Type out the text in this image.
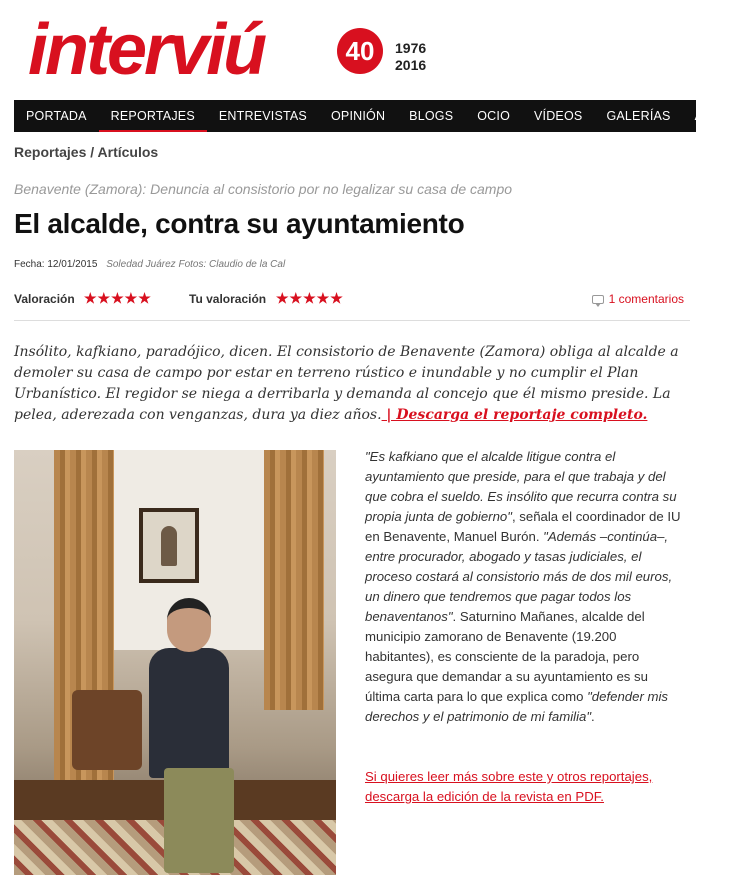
interviú	40 1976
2016
PORTADA	REPORTAJES	ENTREVISTAS	OPINIÓN	BLOGS	OCIO	VÍDEOS	GALERÍAS	ÁRE
Reportajes / Artículos
Benavente (Zamora): Denuncia al consistorio por no legalizar su casa de campo
El alcalde, contra su ayuntamiento
Fecha: 12/01/2015 Soledad Juárez Fotos: Claudio de la Cal
Valoración ★★★★★	Tu valoración ★★★★★	1 comentarios

Insólito, kafkiano, paradójico, dicen. El consistorio de Benavente (Zamora) obliga al alcalde a demoler su casa de campo por estar en terreno rústico e inundable y no cumplir el Plan Urbanístico. El regidor se niega a derribarla y demanda al concejo que él mismo preside. La pelea, aderezada con venganzas, dura ya diez años. | Descarga el reportaje completo.

"Es kafkiano que el alcalde litigue contra el ayuntamiento que preside, para el que trabaja y del que cobra el sueldo. Es insólito que recurra contra su propia junta de gobierno", señala el coordinador de IU en Benavente, Manuel Burón. "Además –continúa–, entre procurador, abogado y tasas judiciales, el proceso costará al consistorio más de dos mil euros, un dinero que tendremos que pagar todos los benaventanos". Saturnino Mañanes, alcalde del municipio zamorano de Benavente (19.200 habitantes), es consciente de la paradoja, pero asegura que demandar a su ayuntamiento es su última carta para lo que explica como "defender mis derechos y el patrimonio de mi familia".

Si quieres leer más sobre este y otros reportajes, descarga la edición de la revista en PDF.
